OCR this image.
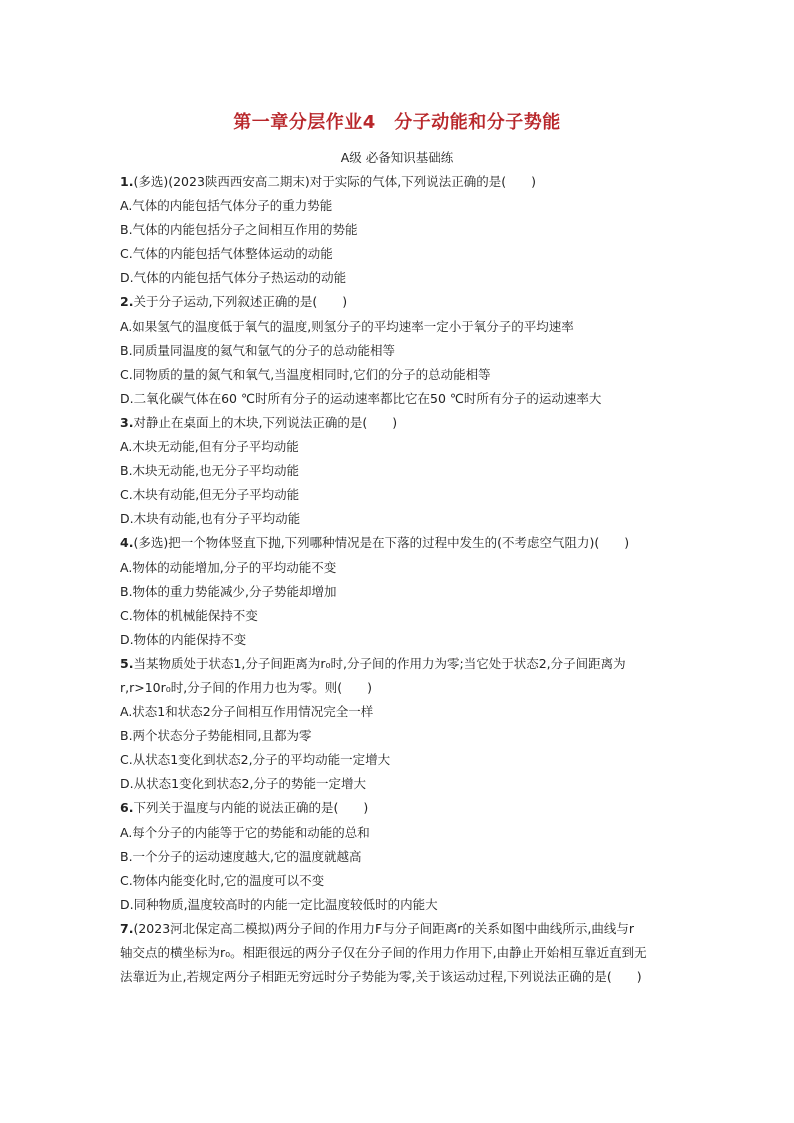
第一章分层作业4　分子动能和分子势能
A级 必备知识基础练
1.(多选)(2023陕西西安高二期末)对于实际的气体,下列说法正确的是(　　)
A.气体的内能包括气体分子的重力势能
B.气体的内能包括分子之间相互作用的势能
C.气体的内能包括气体整体运动的动能
D.气体的内能包括气体分子热运动的动能
2.关于分子运动,下列叙述正确的是(　　)
A.如果氢气的温度低于氧气的温度,则氢分子的平均速率一定小于氧分子的平均速率
B.同质量同温度的氦气和氩气的分子的总动能相等
C.同物质的量的氮气和氧气,当温度相同时,它们的分子的总动能相等
D.二氧化碳气体在60 ℃时所有分子的运动速率都比它在50 ℃时所有分子的运动速率大
3.对静止在桌面上的木块,下列说法正确的是(　　)
A.木块无动能,但有分子平均动能
B.木块无动能,也无分子平均动能
C.木块有动能,但无分子平均动能
D.木块有动能,也有分子平均动能
4.(多选)把一个物体竖直下抛,下列哪种情况是在下落的过程中发生的(不考虑空气阻力)(　　)
A.物体的动能增加,分子的平均动能不变
B.物体的重力势能减少,分子势能却增加
C.物体的机械能保持不变
D.物体的内能保持不变
5.当某物质处于状态1,分子间距离为r₀时,分子间的作用力为零;当它处于状态2,分子间距离为
r,r>10r₀时,分子间的作用力也为零。则(　　)
A.状态1和状态2分子间相互作用情况完全一样
B.两个状态分子势能相同,且都为零
C.从状态1变化到状态2,分子的平均动能一定增大
D.从状态1变化到状态2,分子的势能一定增大
6.下列关于温度与内能的说法正确的是(　　)
A.每个分子的内能等于它的势能和动能的总和
B.一个分子的运动速度越大,它的温度就越高
C.物体内能变化时,它的温度可以不变
D.同种物质,温度较高时的内能一定比温度较低时的内能大
7.(2023河北保定高二模拟)两分子间的作用力F与分子间距离r的关系如图中曲线所示,曲线与r
轴交点的横坐标为r₀。相距很远的两分子仅在分子间的作用力作用下,由静止开始相互靠近直到无
法靠近为止,若规定两分子相距无穷远时分子势能为零,关于该运动过程,下列说法正确的是(　　)
